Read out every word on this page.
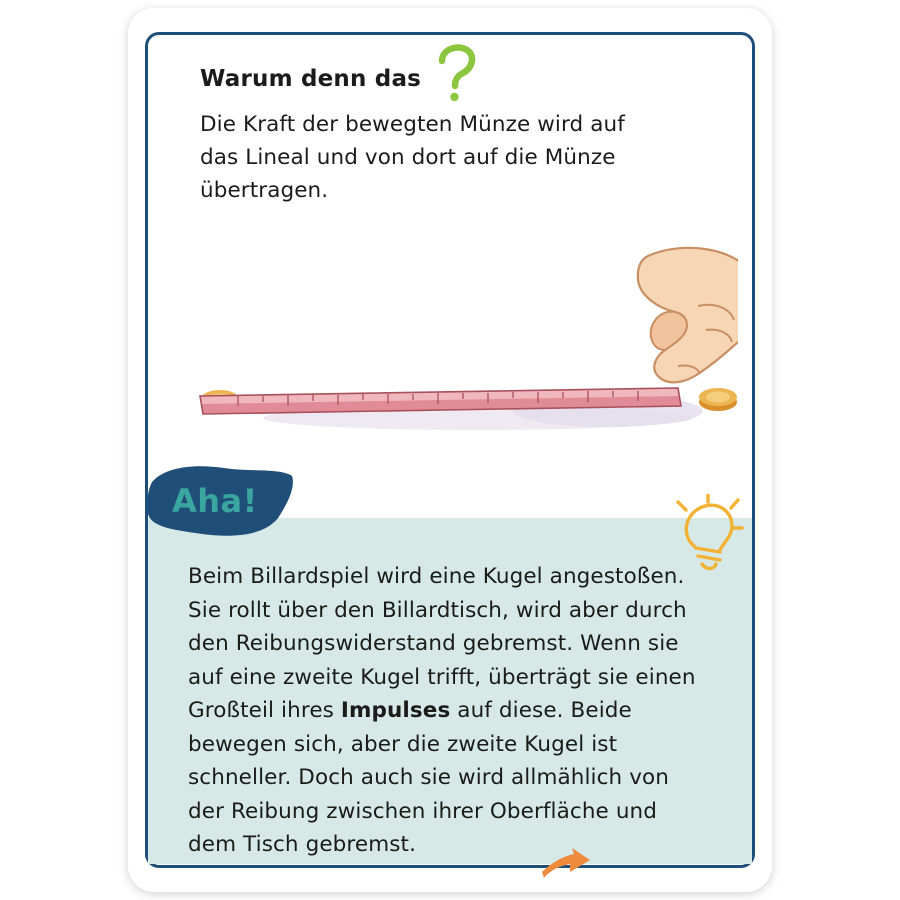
Warum denn das
Die Kraft der bewegten Münze wird auf das Lineal und von dort auf die Münze übertragen.
Aha!
Beim Billardspiel wird eine Kugel angestoßen. Sie rollt über den Billardtisch, wird aber durch den Reibungswiderstand gebremst. Wenn sie auf eine zweite Kugel trifft, überträgt sie einen Großteil ihres Impulses auf diese. Beide bewegen sich, aber die zweite Kugel ist schneller. Doch auch sie wird allmählich von der Reibung zwischen ihrer Oberfläche und dem Tisch gebremst.
